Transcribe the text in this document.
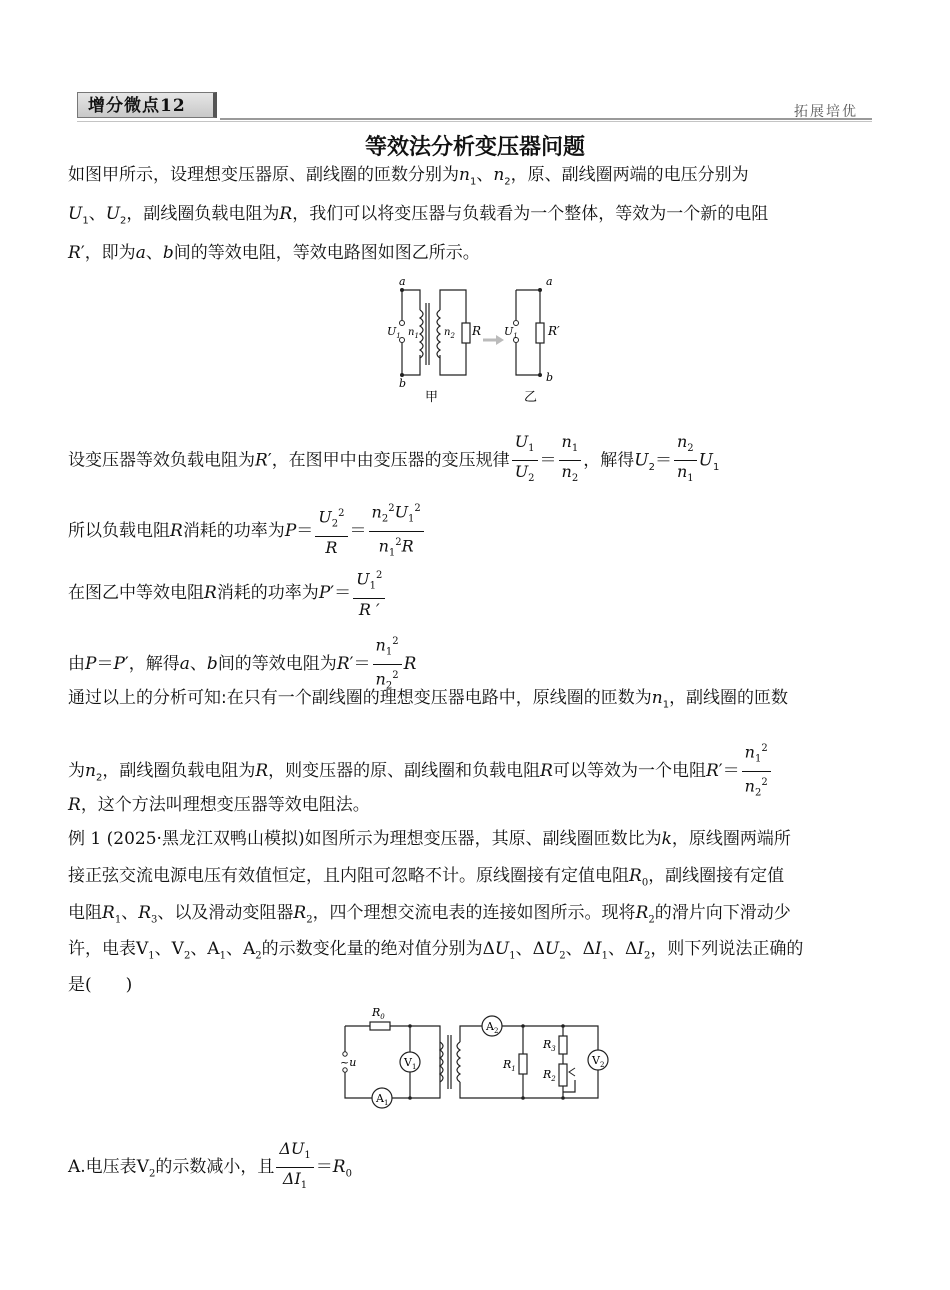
增分微点12	拓展培优
等效法分析变压器问题
如图甲所示，设理想变压器原、副线圈的匝数分别为$n_1$、$n_2$，原、副线圈两端的电压分别为
$U_1$、$U_2$，副线圈负载电阻为R，我们可以将变压器与负载看为一个整体，等效为一个新的电阻
R′，即为a、b间的等效电阻，等效电路图如图乙所示。
a
b
$U_1$ $n_1$	$n_2$ R $U_1$	R′
a
b
甲	乙
设变压器等效负载电阻为R′，在图甲中由变压器的变压规律 $\frac{U_1}{U_2} = \frac{n_1}{n_2}$ ，解得$U_2= \frac{n_2}{n_1} U_1$
所以负载电阻R消耗的功率为$P= \frac{U_2^2}{R} = \frac{n_2^2U_1^2}{n_1^2R}$
在图乙中等效电阻R消耗的功率为$P'= \frac{U_1^2}{R '}$
由P＝P′，解得a、b间的等效电阻为$R'= \frac{n_1^2}{n_2^2}$ R
通过以上的分析可知:在只有一个副线圈的理想变压器电路中，原线圈的匝数为$n_1$，副线圈的匝数
为$n_2$，副线圈负载电阻为R，则变压器的原、副线圈和负载电阻R可以等效为一个电阻$R'= \frac{n_1^2}{n_2^2}$
R，这个方法叫理想变压器等效电阻法。
例 1 (2025·黑龙江双鸭山模拟)如图所示为理想变压器，其原、副线圈匝数比为k，原线圈两端所
接正弦交流电源电压有效值恒定，且内阻可忽略不计。原线圈接有定值电阻$R_0$，副线圈接有定值
电阻$R_1$、$R_3$、以及滑动变阻器$R_2$，四个理想交流电表的连接如图所示。现将$R_2$的滑片向下滑动少
许，电表$V_1$、$V_2$、$A_1$、$A_2$的示数变化量的绝对值分别为$\Delta U_1$、$\Delta U_2$、$\Delta I_1$、$\Delta I_2$，则下列说法正确的
是(　　)
~u
$R_0$
$A_1$
$V_1$
$A_2$
$R_1$
$R_3$
$R_2$
$V_2$
A.电压表$V_2$的示数减小，且 $\frac{\Delta U_1}{\Delta I_1} =R_0$
